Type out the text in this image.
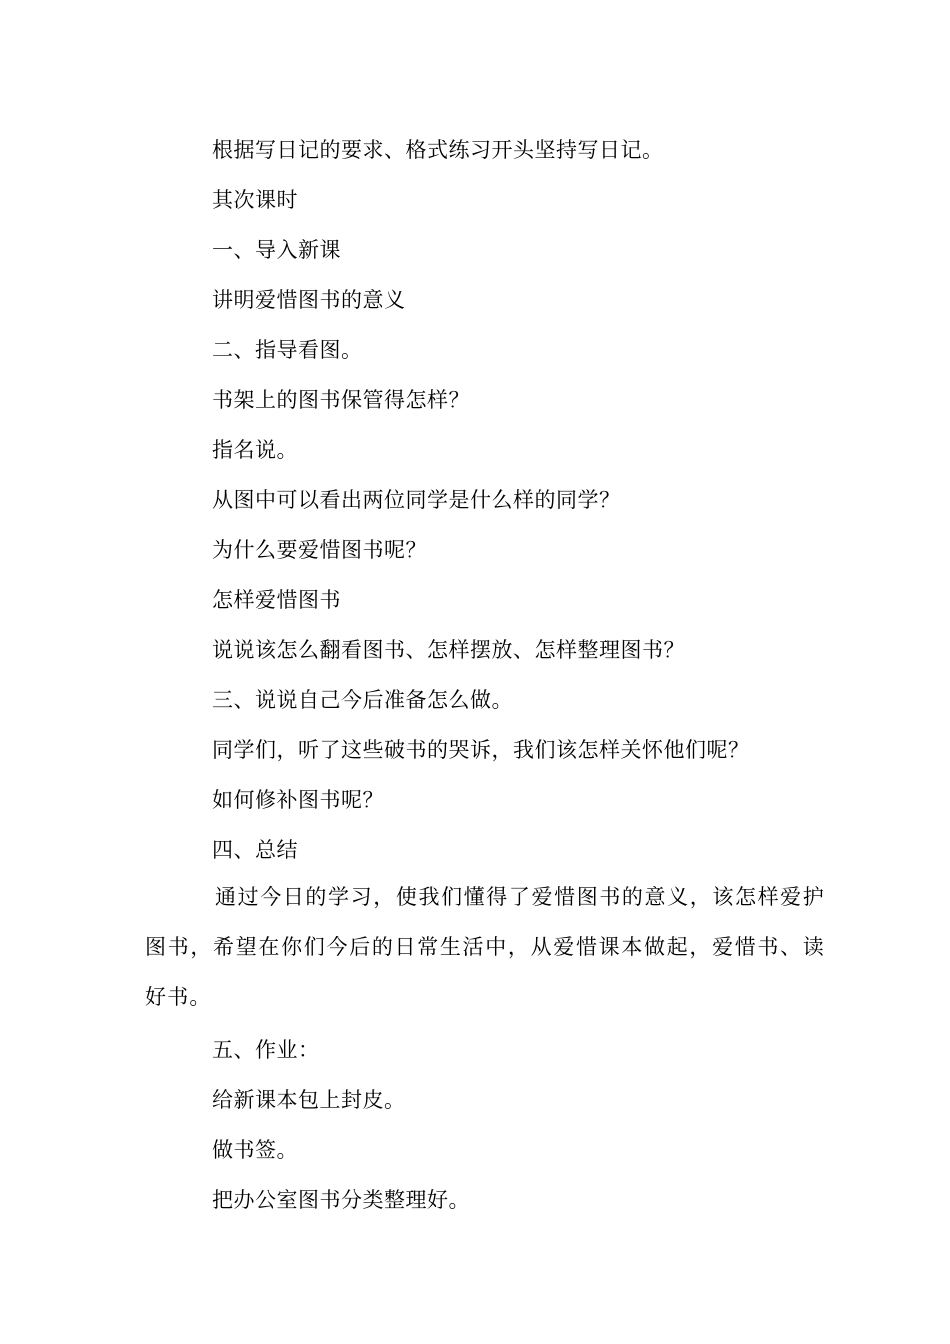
根据写日记的要求、格式练习开头坚持写日记。
其次课时
一、导入新课
讲明爱惜图书的意义
二、指导看图。
书架上的图书保管得怎样？
指名说。
从图中可以看出两位同学是什么样的同学？
为什么要爱惜图书呢？
怎样爱惜图书
说说该怎么翻看图书、怎样摆放、怎样整理图书？
三、说说自己今后准备怎么做。
同学们，听了这些破书的哭诉，我们该怎样关怀他们呢？
如何修补图书呢？
四、总结
通过今日的学习，使我们懂得了爱惜图书的意义，该怎样爱护图书，希望在你们今后的日常生活中，从爱惜课本做起，爱惜书、读好书。
五、作业：
给新课本包上封皮。
做书签。
把办公室图书分类整理好。
